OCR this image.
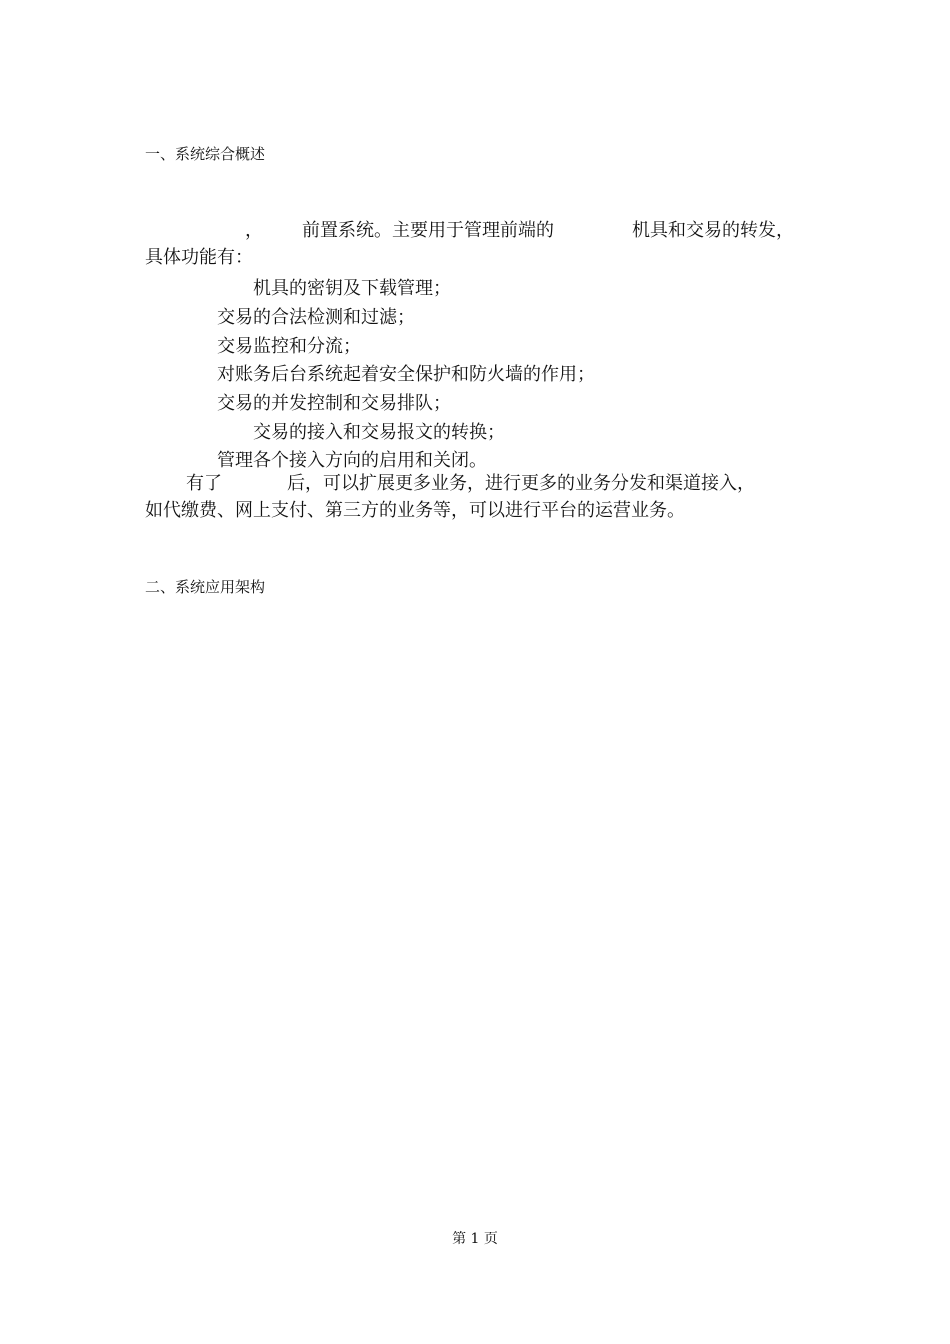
一、系统综合概述
， 前置系统。主要用于管理前端的	机具和交易的转发，
具体功能有：
机具的密钥及下载管理；
交易的合法检测和过滤；
交易监控和分流；
对账务后台系统起着安全保护和防火墙的作用；
交易的并发控制和交易排队；
交易的接入和交易报文的转换；
管理各个接入方向的启用和关闭。
有了	后，可以扩展更多业务，进行更多的业务分发和渠道接入，
如代缴费、网上支付、第三方的业务等，可以进行平台的运营业务。
二、系统应用架构
第 1 页
